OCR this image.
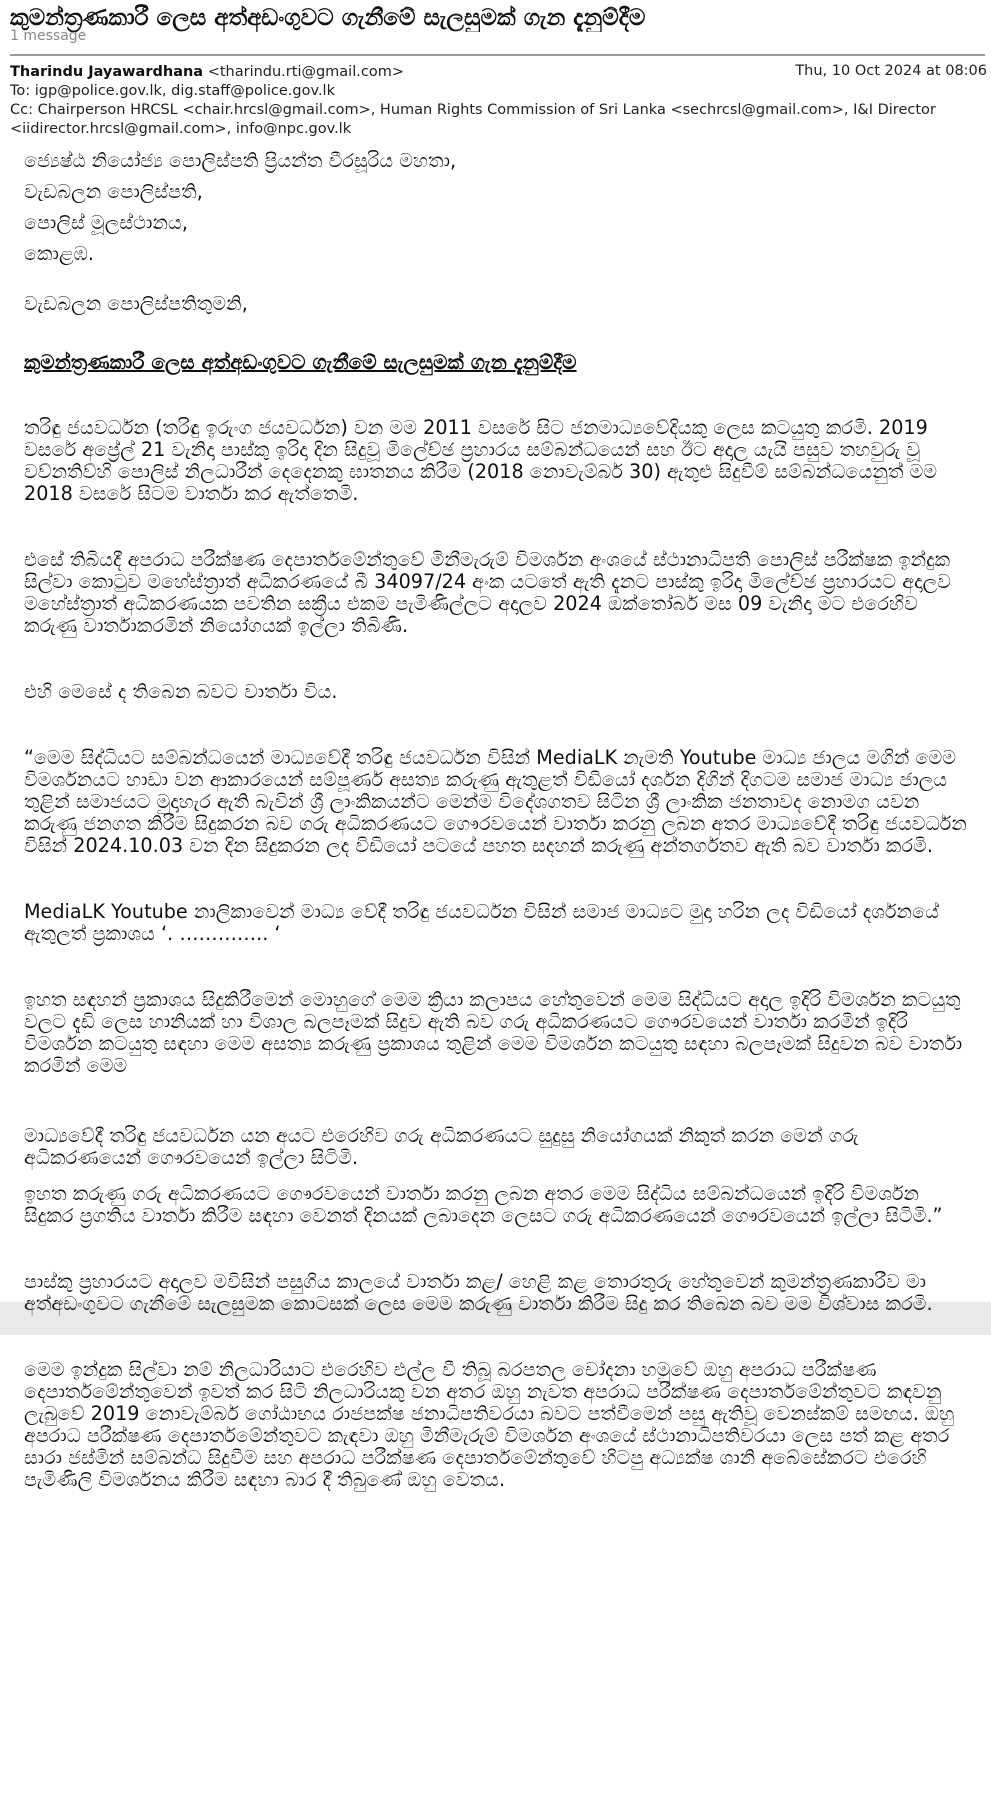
කුමන්ත්‍රණකාරී ලෙස අත්අඩංගුවට ගැනීමේ සැලසුමක් ගැන දැනුම්දීම
1 message
Tharindu Jayawardhana <tharindu.rti@gmail.com>	Thu, 10 Oct 2024 at 08:06
To: igp@police.gov.lk, dig.staff@police.gov.lk
Cc: Chairperson HRCSL <chair.hrcsl@gmail.com>, Human Rights Commission of Sri Lanka <sechrcsl@gmail.com>, I&I Director <iidirector.hrcsl@gmail.com>, info@npc.gov.lk

ජ්‍යෙෂ්ඨ නියෝජ්‍ය පොලිස්පති ප්‍රියන්ත වීරසූරිය මහතා,

වැඩබලන පොලිස්පති,

පොලිස් මූලස්ථානය,

කොළඹ.

වැඩබලන පොලිස්පතිතුමනි,

කුමන්ත්‍රණකාරී ලෙස අත්අඩංගුවට ගැනීමේ සැලසුමක් ගැන දැනුම්දීම

තරිඳු ජයවර්ධන (තරිඳු ඉරුංග ජයවර්ධන) වන මම 2011 වසරේ සිට ජනමාධ්‍යවේදියකු ලෙස කටයුතු කරමි. 2019 වසරේ අප්‍රේල් 21 වැනිදා පාස්කු ඉරිදා දින සිදුවූ මිලේච්ඡ ප්‍රහාරය සම්බන්ධයෙන් සහ ඊට අදාල යැයි පසුව තහවුරු වූ වව්නතිව්හි පොලිස් නිලධාරීන් දෙදෙනකු ඝාතනය කිරීම (2018 නොවැම්බර් 30) ඇතුළු සිදුවීම් සම්බන්ධයෙනුත් මම 2018 වසරේ සිටම වාර්තා කර ඇත්තෙමි.

එසේ තිබියදී අපරාධ පරීක්ෂණ දෙපාර්තමේන්තුවේ මිනීමැරුම් විමර්ශන අංශයේ ස්ථානාධිපති පොලිස් පරීක්ෂක ඉන්දුක සිල්වා කොටුව මහේස්ත්‍රාත් අධිකරණයේ බී 34097/24 අංක යටතේ ඇති දැනට පාස්කු ඉරිදා මිලේච්ඡ ප්‍රහාරයට අදාලව මහේස්ත්‍රාත් අධිකරණයක පවතින සක්‍රීය එකම පැමිණිල්ලට අදාලව 2024 ඔක්තෝබර් මස 09 වැනිදා මට එරෙහිව කරුණු වාර්තාකරමින් නියෝගයක් ඉල්ලා තිබිණි.

එහි මෙසේ ද තිබෙන බවට වාර්තා විය.

“මෙම සිද්ධියට සම්බන්ධයෙන් මාධ්‍යවේදී තරිඳු ජයවර්ධන විසින් MediaLK නැමති Youtube මාධ්‍ය ජාලය මගින් මෙම විමර්ශනයට හාඩා වන ආකාරයෙන් සම්පූර්ණ අසත්‍ය කරුණු ඇතුළත් විඩියෝ දර්ශන දිගින් දිගටම සමාජ මාධ්‍ය ජාලය තුළින් සමාජයට මුදාහැර ඇති බැවින් ශ්‍රී ලාංකිකයන්ට මෙන්ම විදේශගතව සිටින ශ්‍රී ලාංකික ජනතාවද නොමග යවන කරුණු ජනගත කිරීම සිදුකරන බව ගරු අධිකරණයට ගෞරවයෙන් වාර්තා කරනු ලබන අතර මාධ්‍යවේදී තරිඳු ජයවර්ධන විසින් 2024.10.03 වන දින සිදුකරන ලද විඩියෝ පටයේ පහත සදහන් කරුණු අන්තර්ගතව ඇති බව වාර්තා කරමි.

MediaLK Youtube නාලිකාවෙන් මාධ්‍ය වේදී තරිඳු ජයවර්ධන විසින් සමාජ මාධ්‍යට මුදා හරින ලද විඩියෝ දර්ශනයේ ඇතුලත් ප්‍රකාශය ‘. ………….. ‘

ඉහත සඳහන් ප්‍රකාශය සිදුකිරීමෙන් මොහුගේ මෙම ක්‍රියා කලාපය හේතුවෙන් මෙම සිද්ධියට අදාල ඉදිරි විමර්ශන කටයුතු වලට දැඩි ලෙස හානියක් හා විශාල බලපෑමක් සිදුව ඇති බව ගරු අධිකරණයට ගෞරවයෙන් වාර්තා කරමින් ඉදිරි විමර්ශන කටයුතු සඳහා මෙම අසත්‍ය කරුණු ප්‍රකාශය තුළින් මෙම විමර්ශන කටයුතු සඳහා බලපෑමක් සිදුවන බව වාර්තා කරමින් මෙම

මාධ්‍යවේදී තරිඳු ජයවර්ධන යන අයට එරෙහිව ගරු අධිකරණයට සුදුසු නියෝගයක් නිකුත් කරන මෙන් ගරු අධිකරණයෙන් ගෞරවයෙන් ඉල්ලා සිටිමි.

ඉහත කරුණු ගරු අධිකරණයට ගෞරවයෙන් වාර්තා කරනු ලබන අතර මෙම සිද්ධිය සම්බන්ධයෙන් ඉදිරි විමර්ශන සිදුකර ප්‍රගතිය වාර්තා කිරීම සඳහා වෙනත් දිනයක් ලබාදෙන ලෙසට ගරු අධිකරණයෙන් ගෞරවයෙන් ඉල්ලා සිටිමි.”

පාස්කු ප්‍රහාරයට අදාලව මවිසින් පසුගිය කාලයේ වාර්තා කළ/ හෙළි කළ තොරතුරු හේතුවෙන් කුමන්ත්‍රණකාරීව මා අත්අඩංගුවට ගැනීමේ සැලසුමක කොටසක් ලෙස මෙම කරුණු වාර්තා කිරීම සිදු කර තිබෙන බව මම විශ්වාස කරමි.

මෙම ඉන්දුක සිල්වා නම් නිලධාරියාට එරෙහිව එල්ල වී තිබූ බරපතල චෝදනා හමුවේ ඔහු අපරාධ පරීක්ෂණ දෙපාර්තමේන්තුවෙන් ඉවත් කර සිටි නිලධාරියකු වන අතර ඔහු නැවත අපරාධ පරීක්ෂණ දෙපාර්තමේන්තුවට කඳවනු ලැබුවේ 2019 නොවැම්බර් ගෝඨාභය රාජපක්ෂ ජනාධිපතිවරයා බවට පත්වීමෙන් පසු ඇතිවූ වෙනස්කම් සමඟය. ඔහු අපරාධ පරීක්ෂණ දෙපාර්තමේන්තුවට කැඳවා ඔහු මිනීමැරුම් විමර්ශන අංශයේ ස්ථානාධිපතිවරයා ලෙස පත් කළ අතර සාරා ජස්මින් සම්බන්ධ සිදුවීම සහ අපරාධ පරීක්ෂණ දෙපාර්තමේන්තුවේ හිටපු අධ්‍යක්ෂ ශානි අබේසේකරට එරෙහි පැමිණිලි විමර්ශනය කිරීම සඳහා බාර දී තිබුණේ ඔහු වෙතය.
